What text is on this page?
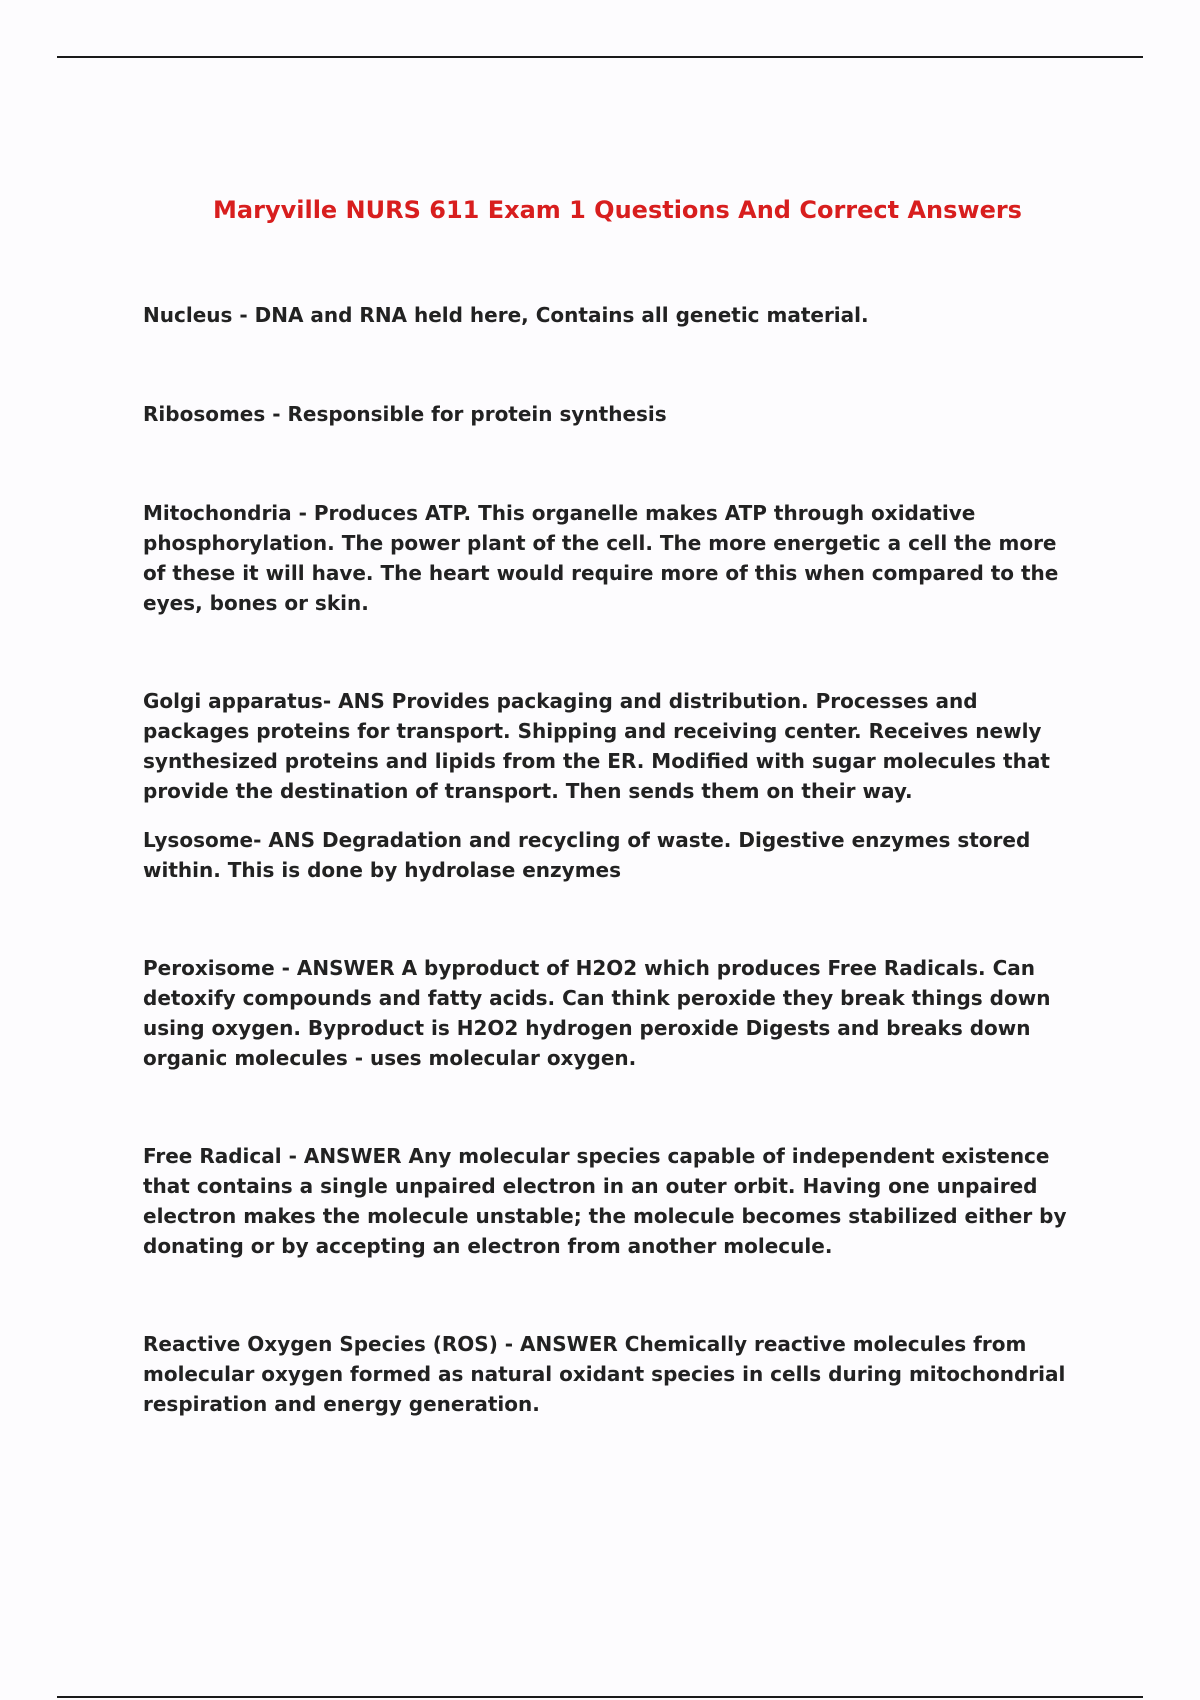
Maryville NURS 611 Exam 1 Questions And Correct Answers

Nucleus - DNA and RNA held here, Contains all genetic material.

Ribosomes - Responsible for protein synthesis

Mitochondria - Produces ATP. This organelle makes ATP through oxidative phosphorylation. The power plant of the cell. The more energetic a cell the more of these it will have. The heart would require more of this when compared to the eyes, bones or skin.

Golgi apparatus- ANS Provides packaging and distribution. Processes and packages proteins for transport. Shipping and receiving center. Receives newly synthesized proteins and lipids from the ER. Modified with sugar molecules that provide the destination of transport. Then sends them on their way.

Lysosome- ANS Degradation and recycling of waste. Digestive enzymes stored within. This is done by hydrolase enzymes

Peroxisome - ANSWER A byproduct of H2O2 which produces Free Radicals. Can detoxify compounds and fatty acids. Can think peroxide they break things down using oxygen. Byproduct is H2O2 hydrogen peroxide Digests and breaks down organic molecules - uses molecular oxygen.

Free Radical - ANSWER Any molecular species capable of independent existence that contains a single unpaired electron in an outer orbit. Having one unpaired electron makes the molecule unstable; the molecule becomes stabilized either by donating or by accepting an electron from another molecule.

Reactive Oxygen Species (ROS) - ANSWER Chemically reactive molecules from molecular oxygen formed as natural oxidant species in cells during mitochondrial respiration and energy generation.
